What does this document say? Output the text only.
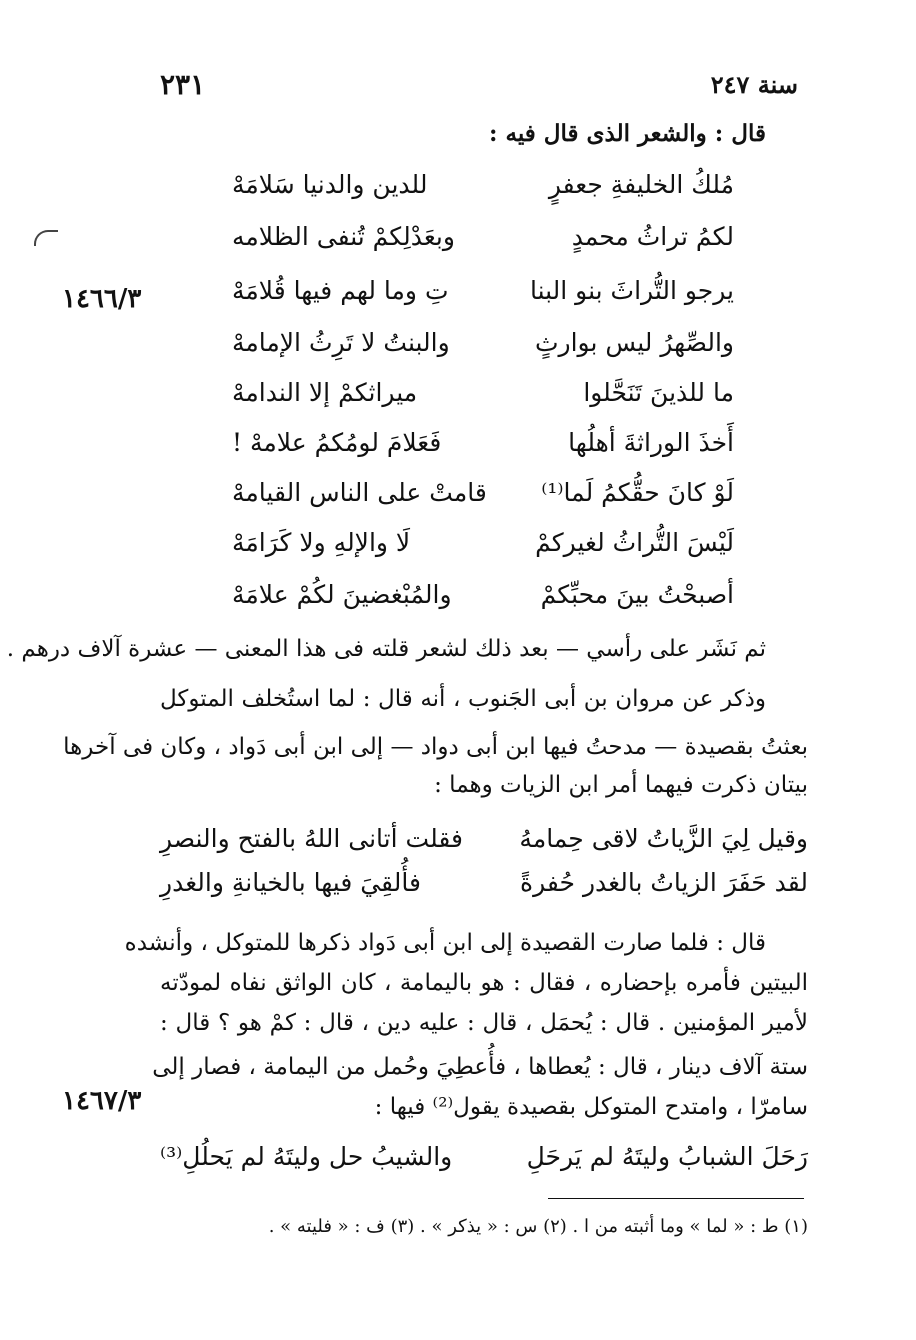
٢٣١	سنة ٢٤٧
قال : والشعر الذى قال فيه :
١٤٦٦/٣
١٤٦٧/٣
مُلكُ الخليفةِ جعفرٍ
للدين والدنيا سَلامَهْ
لكمُ تراثُ محمدٍ
وبعَدْلِكمْ تُنفى الظلامه
يرجو التُّراثَ بنو البنا
تِ وما لهم فيها قُلامَهْ
والصِّهرُ ليس بوارثٍ
والبنتُ لا تَرِثُ الإمامهْ
ما للذينَ تَنَحَّلوا
ميراثكمْ إلا الندامهْ
أَخذَ الوراثةَ أهلُها
فَعَلامَ لومُكمُ علامهْ !
لَوْ كانَ حقُّكمُ لَما⁽¹⁾
قامتْ على الناس القيامهْ
لَيْسَ التُّراثُ لغيركمْ
لَا والإلهِ ولا كَرَامَهْ
أصبحْتُ بينَ محبِّكمْ
والمُبْغضينَ لكُمْ علامَهْ
ثم نَشَر على رأسي — بعد ذلك لشعر قلته فى هذا المعنى — عشرة آلاف درهم .
وذكر عن مروان بن أبى الجَنوب ، أنه قال : لما استُخلف المتوكل
بعثتُ بقصيدة — مدحتُ فيها ابن أبى دواد — إلى ابن أبى دَواد ، وكان فى آخرها
بيتان ذكرت فيهما أمر ابن الزيات وهما :
وقيل لِيَ الزَّياتُ لاقى حِمامهُ
فقلت أتانى اللهُ بالفتح والنصرِ
لقد حَفَرَ الزياتُ بالغدر حُفرةً
فأُلقِيَ فيها بالخيانةِ والغدرِ
قال : فلما صارت القصيدة إلى ابن أبى دَواد ذكرها للمتوكل ، وأنشده
البيتين فأمره بإحضاره ، فقال : هو باليمامة ، كان الواثق نفاه لمودّته
لأمير المؤمنين . قال : يُحمَل ، قال : عليه دين ، قال : كمْ هو ؟ قال :
ستة آلاف دينار ، قال : يُعطاها ، فأُعطِيَ وحُمل من اليمامة ، فصار إلى
سامرّا ، وامتدح المتوكل بقصيدة يقول⁽²⁾ فيها :
رَحَلَ الشبابُ وليتَهُ لم يَرحَلِ
والشيبُ حل وليتَهُ لم يَحلُلِ⁽³⁾
(١) ط : « لما » وما أثبته من ا . (٢) س : « يذكر » . (٣) ف : « فليته » .
